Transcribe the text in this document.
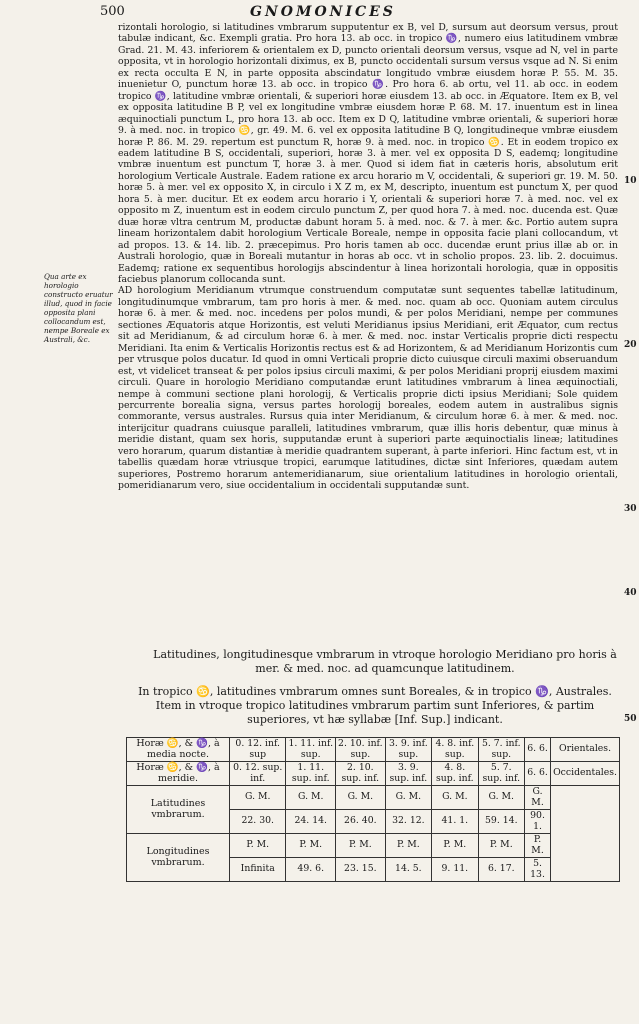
500	GNOMONICES

rizontali horologio, si latitudines vmbrarum supputentur ex B, vel D, sursum aut deorsum versus, prout tabulæ indicant, &c. Exempli gratia. Pro hora 13. ab occ. in tropico ♑, numero eius latitudinem vmbræ Grad. 21. M. 43. inferiorem & orientalem ex D, puncto orientali deorsum versus, vsque ad N, vel in parte opposita, vt in horologio horizontali diximus, ex B, puncto occidentali sursum versus vsque ad N. Si enim ex recta occulta E N, in parte opposita abscindatur longitudo vmbræ eiusdem horæ P. 55. M. 35. inuenietur O, punctum horæ 13. ab occ. in tropico ♑. Pro hora 6. ab ortu, vel 11. ab occ. in eodem tropico ♑, latitudine vmbræ orientali, & superiori horæ eiusdem 13. ab occ. in Æquatore. Item ex B, vel ex opposita latitudine B P, vel ex longitudine vmbræ eiusdem horæ P. 68. M. 17. inuentum est in linea æquinoctiali punctum L, pro hora 13. ab occ. Item ex D Q, latitudine vmbræ orientali, & superiori horæ 9. à med. noc. in tropico ♋, gr. 49. M. 6. vel ex opposita latitudine B Q, longitudineque vmbræ eiusdem horæ P. 86. M. 29. repertum est punctum R, horæ 9. à med. noc. in tropico ♋. Et in eodem tropico ex eadem latitudine B S, occidentali, superiori, horæ 3. à mer. vel ex opposita D S, eademq; longitudine vmbræ inuentum est punctum T, horæ 3. à mer. Quod si idem fiat in cæteris horis, absolutum erit horologium Verticale Australe. Eadem ratione ex arcu horario m V, occidentali, & superiori gr. 19. M. 50. horæ 5. à mer. vel ex opposito X, in circulo i X Z m, ex M, descripto, inuentum est punctum X, per quod hora 5. à mer. ducitur. Et ex eodem arcu horario i Y, orientali & superiori horæ 7. à med. noc. vel ex opposito m Z, inuentum est in eodem circulo punctum Z, per quod hora 7. à med. noc. ducenda est. Quæ duæ horæ vltra centrum M, productæ dabunt horam 5. à med. noc. & 7. à mer. &c. Portio autem supra lineam horizontalem dabit horologium Verticale Boreale, nempe in opposita facie plani collocandum, vt ad propos. 13. & 14. lib. 2. præcepimus. Pro horis tamen ab occ. ducendæ erunt prius illæ ab or. in Australi horologio, quæ in Boreali mutantur in horas ab occ. vt in scholio propos. 23. lib. 2. docuimus. Eademq; ratione ex sequentibus horologijs abscindentur à linea horizontali horologia, quæ in oppositis faciebus planorum collocanda sunt.

AD horologium Meridianum vtrumque construendum computatæ sunt sequentes tabellæ latitudinum, longitudinumque vmbrarum, tam pro horis à mer. & med. noc. quam ab occ. Quoniam autem circulus horæ 6. à mer. & med. noc. incedens per polos mundi, & per polos Meridiani, nempe per communes sectiones Æquatoris atque Horizontis, est veluti Meridianus ipsius Meridiani, erit Æquator, cum rectus sit ad Meridianum, & ad circulum horæ 6. à mer. & med. noc. instar Verticalis proprie dicti respectu Meridiani. Ita enim & Verticalis Horizontis rectus est & ad Horizontem, & ad Meridianum Horizontis cum per vtrusque polos ducatur. Id quod in omni Verticali proprie dicto cuiusque circuli maximi obseruandum est, vt videlicet transeat & per polos ipsius circuli maximi, & per polos Meridiani proprij eiusdem maximi circuli. Quare in horologio Meridiano computandæ erunt latitudines vmbrarum à linea æquinoctiali, nempe à communi sectione plani horologij, & Verticalis proprie dicti ipsius Meridiani; Sole quidem percurrente borealia signa, versus partes horologij boreales, eodem autem in australibus signis commorante, versus australes. Rursus quia inter Meridianum, & circulum horæ 6. à mer. & med. noc. interijcitur quadrans cuiusque paralleli, latitudines vmbrarum, quæ illis horis debentur, quæ minus à meridie distant, quam sex horis, supputandæ erunt à superiori parte æquinoctialis lineæ; latitudines vero horarum, quarum distantiæ à meridie quadrantem superant, à parte inferiori. Hinc factum est, vt in tabellis quædam horæ vtriusque tropici, earumque latitudines, dictæ sint Inferiores, quædam autem superiores, Postremo horarum antemeridianarum, siue orientalium latitudines in horologio orientali, pomeridianarum vero, siue occidentalium in occidentali supputandæ sunt.

Qua arte ex horologio constructo eruatur illud, quod in facie opposita plani collocandum est, nempe Boreale ex Australi, &c.

10
20
30
40
50

Latitudines, longitudinesque vmbrarum in vtroque horologio Meridiano pro horis à mer. & med. noc. ad quamcunque latitudinem.

In tropico ♋, latitudines vmbrarum omnes sunt Boreales, & in tropico ♑, Australes. Item in vtroque tropico latitudines vmbrarum partim sunt Inferiores, & partim superiores, vt hæ syllabæ [Inf. Sup.] indicant.

Horæ ♋, & ♑, à media nocte.	0. 12. inf. sup	1. 11. inf. sup.	2. 10. inf. sup.	3. 9. inf. sup.	4. 8. inf. sup.	5. 7. inf. sup.	6. 6.	Orientales.
Horæ ♋, & ♑, à meridie.	0. 12. sup. inf.	1. 11. sup. inf.	2. 10. sup. inf.	3. 9. sup. inf.	4. 8. sup. inf.	5. 7. sup. inf.	6. 6.	Occidentales.
Latitudines vmbrarum.	G. M.	G. M.	G. M.	G. M.	G. M.	G. M.	G. M.	
	22. 30.	24. 14.	26. 40.	32. 12.	41. 1.	59. 14.	90. 1.	
Longitudines vmbrarum.	P. M.	P. M.	P. M.	P. M.	P. M.	P. M.	P. M.	
	Infinita	49. 6.	23. 15.	14. 5.	9. 11.	6. 17.	5. 13.	
